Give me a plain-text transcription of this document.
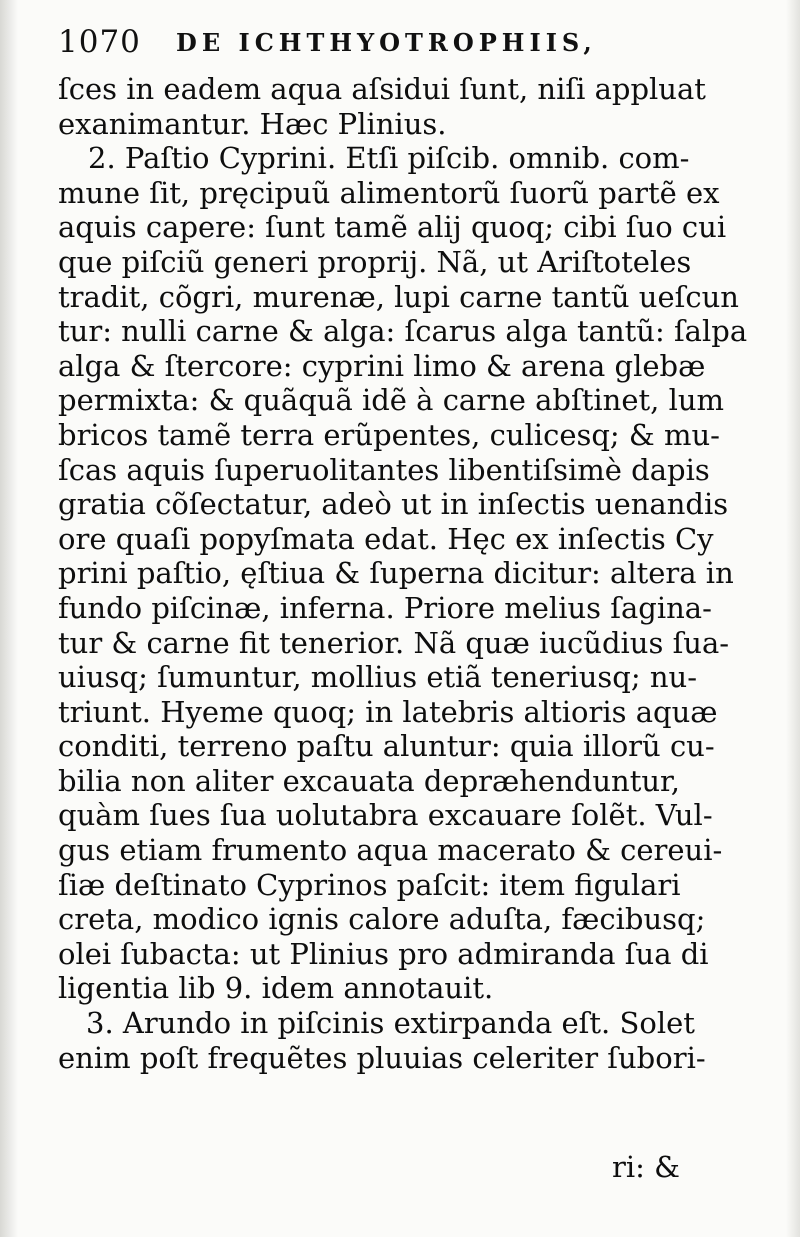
1070 DE ICHTHYOTROPHIIS,
ſces in eadem aqua aſsidui ſunt, niſi appluat
exanimantur. Hæc Plinius.
2. Paſtio Cyprini. Etſi piſcib. omnib. com-
mune ſit, pręcipuũ alimentorũ ſuorũ partẽ ex
aquis capere: ſunt tamẽ alij quoq; cibi ſuo cui
que piſciũ generi proprij. Nã, ut Ariſtoteles
tradit, cõgri, murenæ, lupi carne tantũ ueſcun
tur: nulli carne & alga: ſcarus alga tantũ: ſalpa
alga & ſtercore: cyprini limo & arena glebæ
permixta: & quãquã idẽ à carne abſtinet, lum
bricos tamẽ terra erũpentes, culicesq; & mu-
ſcas aquis ſuperuolitantes libentiſsimè dapis
gratia cõſectatur, adeò ut in inſectis uenandis
ore quaſi popyſmata edat. Hęc ex inſectis Cy
prini paſtio, ęſtiua & ſuperna dicitur: altera in
fundo piſcinæ, inferna. Priore melius ſagina-
tur & carne fit tenerior. Nã quæ iucũdius ſua-
uiusq; ſumuntur, mollius etiã teneriusq; nu-
triunt. Hyeme quoq; in latebris altioris aquæ
conditi, terreno paſtu aluntur: quia illorũ cu-
bilia non aliter excauata depræhenduntur,
quàm ſues ſua uolutabra excauare ſolẽt. Vul-
gus etiam frumento aqua macerato & cereui-
ſiæ deſtinato Cyprinos paſcit: item figulari
creta, modico ignis calore aduſta, fæcibusq;
olei ſubacta: ut Plinius pro admiranda ſua di
ligentia lib 9. idem annotauit.
3. Arundo in piſcinis extirpanda eſt. Solet
enim poſt frequẽtes pluuias celeriter ſubori-
ri: &
